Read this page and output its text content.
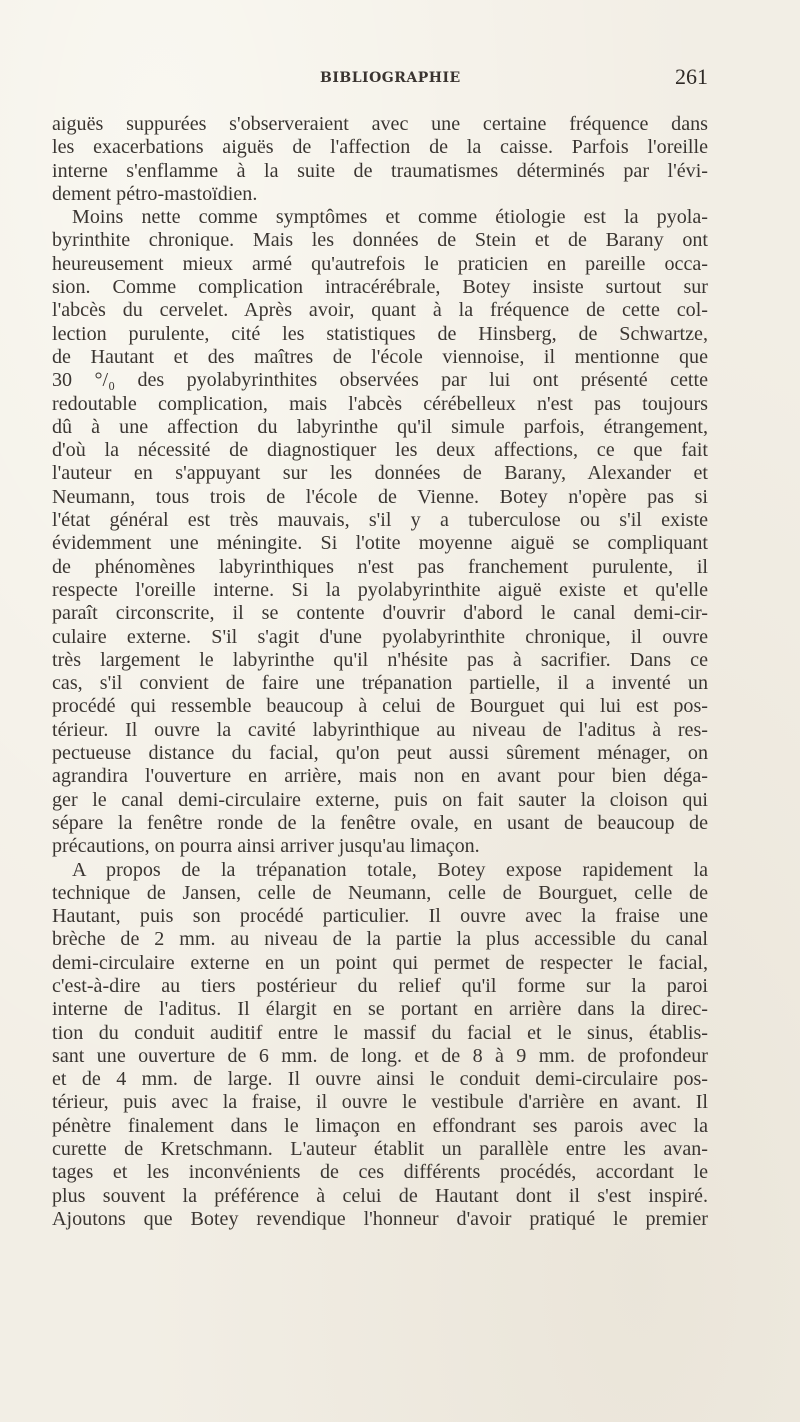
BIBLIOGRAPHIE	261
aiguës suppurées s'observeraient avec une certaine fréquence dans
les exacerbations aiguës de l'affection de la caisse. Parfois l'oreille
interne s'enflamme à la suite de traumatismes déterminés par l'évi-
dement pétro-mastoïdien.
Moins nette comme symptômes et comme étiologie est la pyola-
byrinthite chronique. Mais les données de Stein et de Barany ont
heureusement mieux armé qu'autrefois le praticien en pareille occa-
sion. Comme complication intracérébrale, Botey insiste surtout sur
l'abcès du cervelet. Après avoir, quant à la fréquence de cette col-
lection purulente, cité les statistiques de Hinsberg, de Schwartze,
de Hautant et des maîtres de l'école viennoise, il mentionne que
30 °/₀ des pyolabyrinthites observées par lui ont présenté cette
redoutable complication, mais l'abcès cérébelleux n'est pas toujours
dû à une affection du labyrinthe qu'il simule parfois, étrangement,
d'où la nécessité de diagnostiquer les deux affections, ce que fait
l'auteur en s'appuyant sur les données de Barany, Alexander et
Neumann, tous trois de l'école de Vienne. Botey n'opère pas si
l'état général est très mauvais, s'il y a tuberculose ou s'il existe
évidemment une méningite. Si l'otite moyenne aiguë se compliquant
de phénomènes labyrinthiques n'est pas franchement purulente, il
respecte l'oreille interne. Si la pyolabyrinthite aiguë existe et qu'elle
paraît circonscrite, il se contente d'ouvrir d'abord le canal demi-cir-
culaire externe. S'il s'agit d'une pyolabyrinthite chronique, il ouvre
très largement le labyrinthe qu'il n'hésite pas à sacrifier. Dans ce
cas, s'il convient de faire une trépanation partielle, il a inventé un
procédé qui ressemble beaucoup à celui de Bourguet qui lui est pos-
térieur. Il ouvre la cavité labyrinthique au niveau de l'aditus à res-
pectueuse distance du facial, qu'on peut aussi sûrement ménager, on
agrandira l'ouverture en arrière, mais non en avant pour bien déga-
ger le canal demi-circulaire externe, puis on fait sauter la cloison qui
sépare la fenêtre ronde de la fenêtre ovale, en usant de beaucoup de
précautions, on pourra ainsi arriver jusqu'au limaçon.
A propos de la trépanation totale, Botey expose rapidement la
technique de Jansen, celle de Neumann, celle de Bourguet, celle de
Hautant, puis son procédé particulier. Il ouvre avec la fraise une
brèche de 2 mm. au niveau de la partie la plus accessible du canal
demi-circulaire externe en un point qui permet de respecter le facial,
c'est-à-dire au tiers postérieur du relief qu'il forme sur la paroi
interne de l'aditus. Il élargit en se portant en arrière dans la direc-
tion du conduit auditif entre le massif du facial et le sinus, établis-
sant une ouverture de 6 mm. de long. et de 8 à 9 mm. de profondeur
et de 4 mm. de large. Il ouvre ainsi le conduit demi-circulaire pos-
térieur, puis avec la fraise, il ouvre le vestibule d'arrière en avant. Il
pénètre finalement dans le limaçon en effondrant ses parois avec la
curette de Kretschmann. L'auteur établit un parallèle entre les avan-
tages et les inconvénients de ces différents procédés, accordant le
plus souvent la préférence à celui de Hautant dont il s'est inspiré.
Ajoutons que Botey revendique l'honneur d'avoir pratiqué le premier
